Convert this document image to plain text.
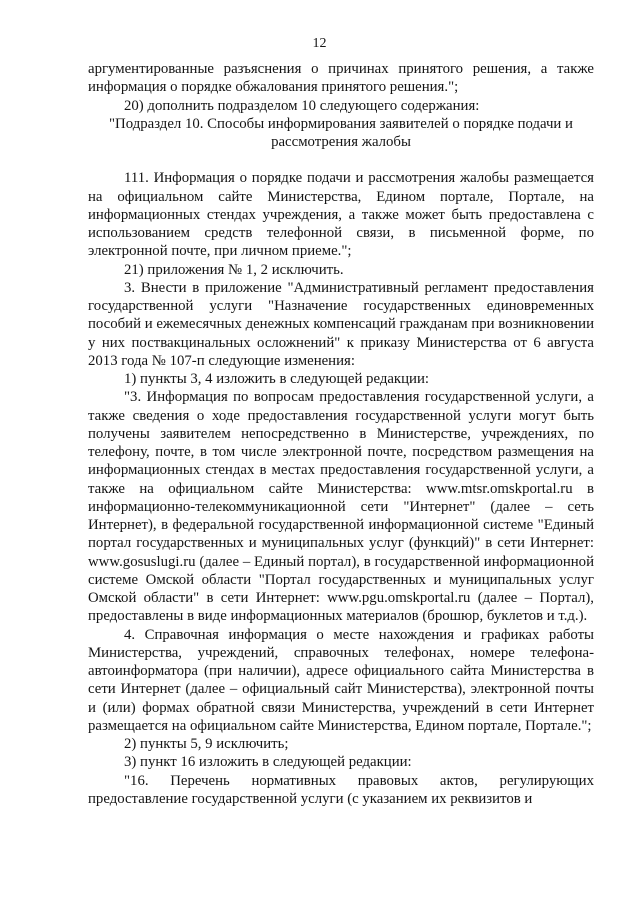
12

аргументированные разъяснения о причинах принятого решения, а также информация о порядке обжалования принятого решения.";

20) дополнить подразделом 10 следующего содержания:

"Подраздел 10. Способы информирования заявителей о порядке подачи и рассмотрения жалобы

111. Информация о порядке подачи и рассмотрения жалобы размещается на официальном сайте Министерства, Едином портале, Портале, на информационных стендах учреждения, а также может быть предоставлена с использованием средств телефонной связи, в письменной форме, по электронной почте, при личном приеме.";

21) приложения № 1, 2 исключить.

3. Внести в приложение "Административный регламент предоставления государственной услуги "Назначение государственных единовременных пособий и ежемесячных денежных компенсаций гражданам при возникновении у них поствакцинальных осложнений" к приказу Министерства от 6 августа 2013 года № 107-п следующие изменения:

1) пункты 3, 4 изложить в следующей редакции:

"3. Информация по вопросам предоставления государственной услуги, а также сведения о ходе предоставления государственной услуги могут быть получены заявителем непосредственно в Министерстве, учреждениях, по телефону, почте, в том числе электронной почте, посредством размещения на информационных стендах в местах предоставления государственной услуги, а также на официальном сайте Министерства: www.mtsr.omskportal.ru в информационно-телекоммуникационной сети "Интернет" (далее – сеть Интернет), в федеральной государственной информационной системе "Единый портал государственных и муниципальных услуг (функций)" в сети Интернет: www.gosuslugi.ru (далее – Единый портал), в государственной информационной системе Омской области "Портал государственных и муниципальных услуг Омской области" в сети Интернет: www.pgu.omskportal.ru (далее – Портал), предоставлены в виде информационных материалов (брошюр, буклетов и т.д.).

4. Справочная информация о месте нахождения и графиках работы Министерства, учреждений, справочных телефонах, номере телефона-автоинформатора (при наличии), адресе официального сайта Министерства в сети Интернет (далее – официальный сайт Министерства), электронной почты и (или) формах обратной связи Министерства, учреждений в сети Интернет размещается на официальном сайте Министерства, Едином портале, Портале.";

2) пункты 5, 9 исключить;

3) пункт 16 изложить в следующей редакции:

"16. Перечень нормативных правовых актов, регулирующих предоставление государственной услуги (с указанием их реквизитов и
